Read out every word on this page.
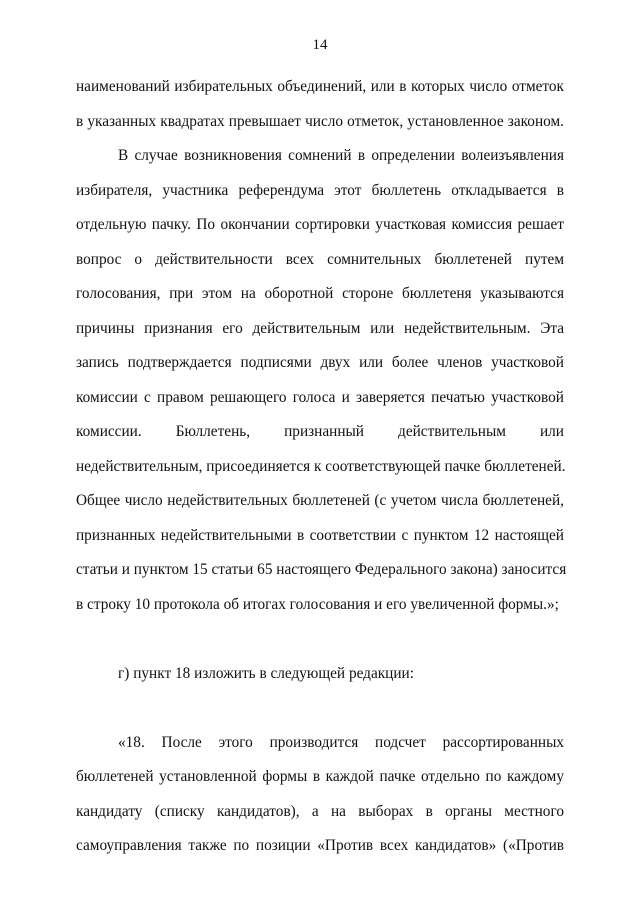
14
наименований избирательных объединений, или в которых число отметок
в указанных квадратах превышает число отметок, установленное законом.
В случае возникновения сомнений в определении волеизъявления
избирателя, участника референдума этот бюллетень откладывается в
отдельную пачку. По окончании сортировки участковая комиссия решает
вопрос о действительности всех сомнительных бюллетеней путем
голосования, при этом на оборотной стороне бюллетеня указываются
причины признания его действительным или недействительным. Эта
запись подтверждается подписями двух или более членов участковой
комиссии с правом решающего голоса и заверяется печатью участковой
комиссии. Бюллетень, признанный действительным или
недействительным, присоединяется к соответствующей пачке бюллетеней.
Общее число недействительных бюллетеней (с учетом числа бюллетеней,
признанных недействительными в соответствии с пунктом 12 настоящей
статьи и пунктом 15 статьи 65 настоящего Федерального закона) заносится
в строку 10 протокола об итогах голосования и его увеличенной формы.»;
г) пункт 18 изложить в следующей редакции:
«18. После этого производится подсчет рассортированных
бюллетеней установленной формы в каждой пачке отдельно по каждому
кандидату (списку кандидатов), а на выборах в органы местного
самоуправления также по позиции «Против всех кандидатов» («Против
